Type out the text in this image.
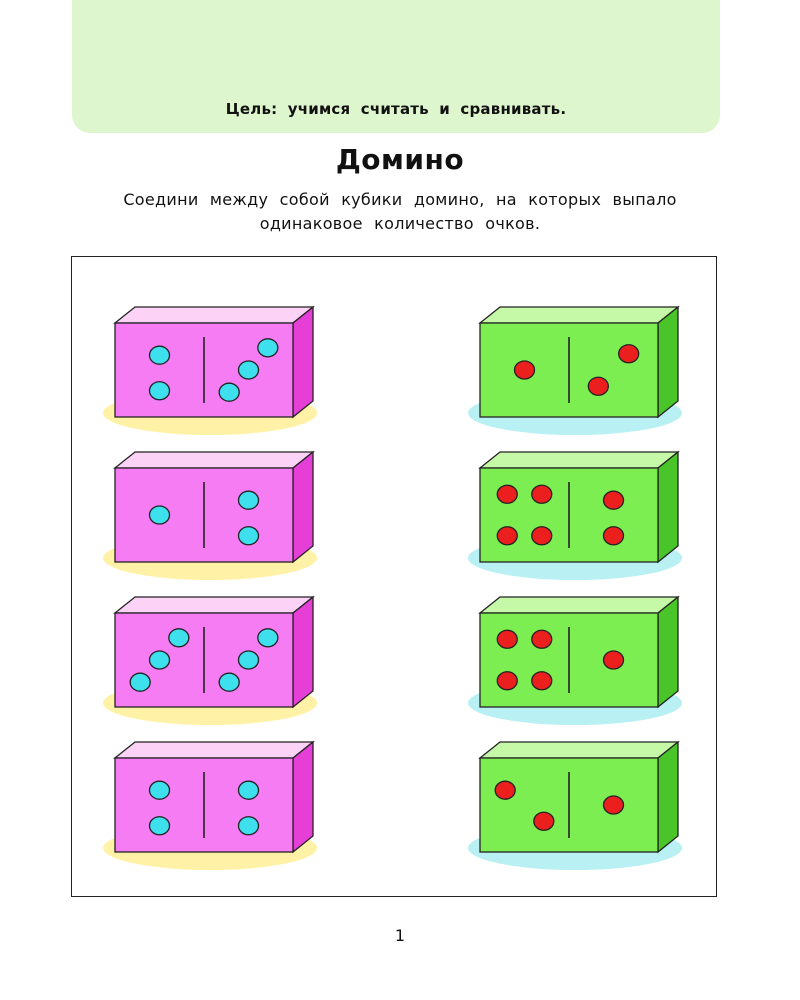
Цель: учимся считать и сравнивать.
Домино
Соедини между собой кубики домино, на которых выпало одинаковое количество очков.
1
